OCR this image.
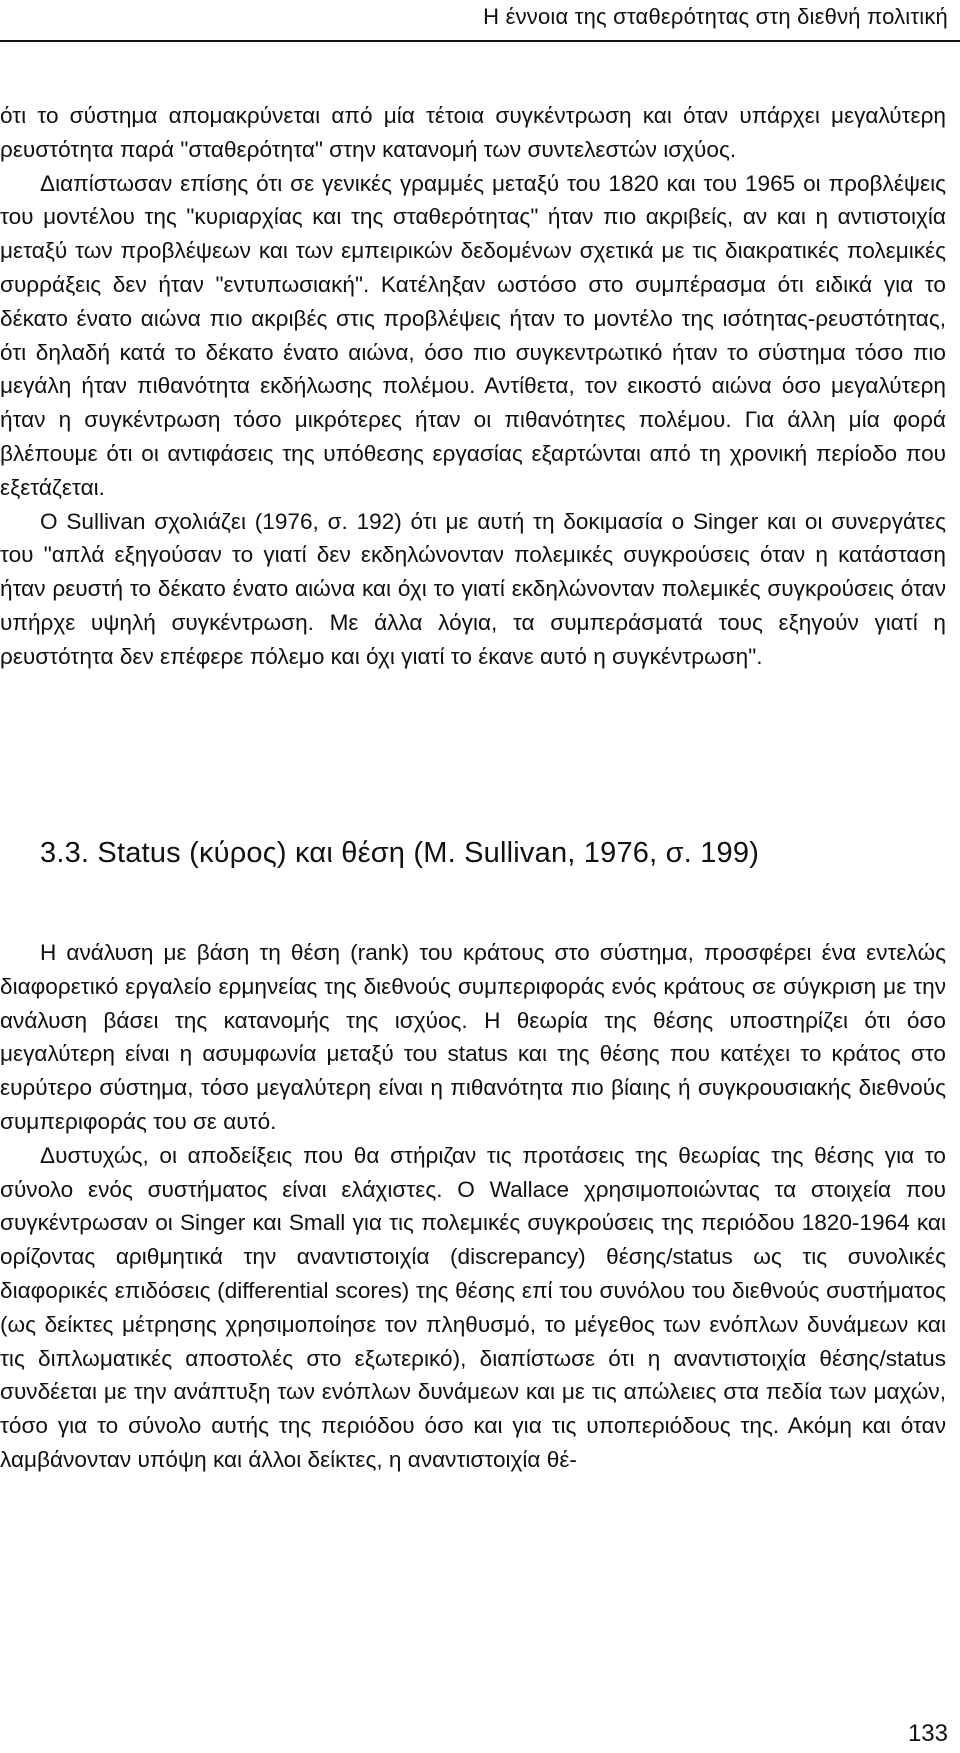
Η έννοια της σταθερότητας στη διεθνή πολιτική

ότι το σύστημα απομακρύνεται από μία τέτοια συγκέντρωση και όταν υπάρχει μεγαλύτερη ρευστότητα παρά "σταθερότητα" στην κατανομή των συντελεστών ισχύος.

Διαπίστωσαν επίσης ότι σε γενικές γραμμές μεταξύ του 1820 και του 1965 οι προβλέψεις του μοντέλου της "κυριαρχίας και της σταθερότητας" ήταν πιο ακριβείς, αν και η αντιστοιχία μεταξύ των προβλέψεων και των εμπειρικών δεδομένων σχετικά με τις διακρατικές πολεμικές συρράξεις δεν ήταν "εντυπωσιακή". Κατέληξαν ωστόσο στο συμπέρασμα ότι ειδικά για το δέκατο ένατο αιώνα πιο ακριβές στις προβλέψεις ήταν το μοντέλο της ισότητας-ρευστότητας, ότι δηλαδή κατά το δέκατο ένατο αιώνα, όσο πιο συγκεντρωτικό ήταν το σύστημα τόσο πιο μεγάλη ήταν πιθανότητα εκδήλωσης πολέμου. Αντίθετα, τον εικοστό αιώνα όσο μεγαλύτερη ήταν η συγκέντρωση τόσο μικρότερες ήταν οι πιθανότητες πολέμου. Για άλλη μία φορά βλέπουμε ότι οι αντιφάσεις της υπόθεσης εργασίας εξαρτώνται από τη χρονική περίοδο που εξετάζεται.

Ο Sullivan σχολιάζει (1976, σ. 192) ότι με αυτή τη δοκιμασία ο Singer και οι συνεργάτες του "απλά εξηγούσαν το γιατί δεν εκδηλώνονταν πολεμικές συγκρούσεις όταν η κατάσταση ήταν ρευστή το δέκατο ένατο αιώνα και όχι το γιατί εκδηλώνονταν πολεμικές συγκρούσεις όταν υπήρχε υψηλή συγκέντρωση. Με άλλα λόγια, τα συμπεράσματά τους εξηγούν γιατί η ρευστότητα δεν επέφερε πόλεμο και όχι γιατί το έκανε αυτό η συγκέντρωση".

3.3. Status (κύρος) και θέση (M. Sullivan, 1976, σ. 199)

Η ανάλυση με βάση τη θέση (rank) του κράτους στο σύστημα, προσφέρει ένα εντελώς διαφορετικό εργαλείο ερμηνείας της διεθνούς συμπεριφοράς ενός κράτους σε σύγκριση με την ανάλυση βάσει της κατανομής της ισχύος. Η θεωρία της θέσης υποστηρίζει ότι όσο μεγαλύτερη είναι η ασυμφωνία μεταξύ του status και της θέσης που κατέχει το κράτος στο ευρύτερο σύστημα, τόσο μεγαλύτερη είναι η πιθανότητα πιο βίαιης ή συγκρουσιακής διεθνούς συμπεριφοράς του σε αυτό.

Δυστυχώς, οι αποδείξεις που θα στήριζαν τις προτάσεις της θεωρίας της θέσης για το σύνολο ενός συστήματος είναι ελάχιστες. Ο Wallace χρησιμοποιώντας τα στοιχεία που συγκέντρωσαν οι Singer και Small για τις πολεμικές συγκρούσεις της περιόδου 1820-1964 και ορίζοντας αριθμητικά την αναντιστοιχία (discrepancy) θέσης/status ως τις συνολικές διαφορικές επιδόσεις (differential scores) της θέσης επί του συνόλου του διεθνούς συστήματος (ως δείκτες μέτρησης χρησιμοποίησε τον πληθυσμό, το μέγεθος των ενόπλων δυνάμεων και τις διπλωματικές αποστολές στο εξωτερικό), διαπίστωσε ότι η αναντιστοιχία θέσης/status συνδέεται με την ανάπτυξη των ενόπλων δυνάμεων και με τις απώλειες στα πεδία των μαχών, τόσο για το σύνολο αυτής της περιόδου όσο και για τις υποπεριόδους της. Ακόμη και όταν λαμβάνονταν υπόψη και άλλοι δείκτες, η αναντιστοιχία θέ-

133
